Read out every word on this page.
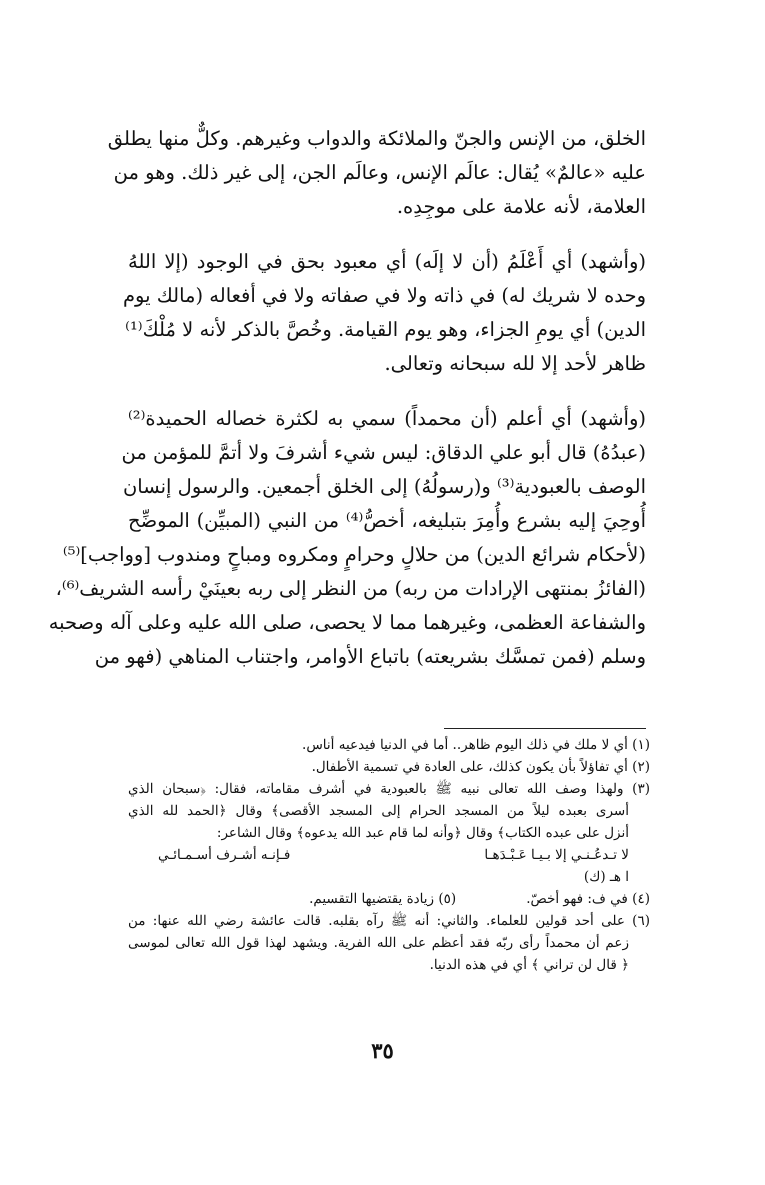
الخلق، من الإنس والجنّ والملائكة والدواب وغيرهم. وكلٌّ منها يطلق
عليه «عالمٌ» يُقال: عالَم الإنس، وعالَم الجن، إلى غير ذلك. وهو من
العلامة، لأنه علامة على موجِدِه.
(وأشهد) أي أَعْلَمُ (أن لا إلَه) أي معبود بحق في الوجود (إلا اللهُ
وحده لا شريك له) في ذاته ولا في صفاته ولا في أفعاله (مالك يوم
الدين) أي يومِ الجزاء، وهو يوم القيامة. وخُصَّ بالذكر لأنه لا مُلْكَ⁽¹⁾
ظاهر لأحد إلا لله سبحانه وتعالى.
(وأشهد) أي أعلم (أن محمداً) سمي به لكثرة خصاله الحميدة⁽²⁾
(عبدُهُ) قال أبو علي الدقاق: ليس شيء أشرفَ ولا أتمَّ للمؤمن من
الوصف بالعبودية⁽³⁾ و(رسولُهُ) إلى الخلق أجمعين. والرسول إنسان
أُوحِيَ إليه بشرع وأُمِرَ بتبليغه، أخصُّ⁽⁴⁾ من النبي (المبيِّن) الموضِّح
(لأحكام شرائع الدين) من حلالٍ وحرامٍ ومكروه ومباحٍ ومندوب [وواجب]⁽⁵⁾
(الفائزُ بمنتهى الإرادات من ربه) من النظر إلى ربه بعينَيْ رأسه الشريف⁽⁶⁾،
والشفاعة العظمى، وغيرهما مما لا يحصى، صلى الله عليه وعلى آله وصحبه
وسلم (فمن تمسَّك بشريعته) باتباع الأوامر، واجتناب المناهي (فهو من
(١) أي لا ملك في ذلك اليوم ظاهر.. أما في الدنيا فيدعيه أناس.
(٢) أي تفاؤلاً بأن يكون كذلك، على العادة في تسمية الأطفال.
(٣) ولهذا وصف الله تعالى نبيه ﷺ بالعبودية في أشرف مقاماته، فقال: ﴿سبحان الذي
أسرى بعبده ليلاً من المسجد الحرام إلى المسجد الأقصى﴾ وقال ﴿الحمد لله الذي
أنزل على عبده الكتاب﴾ وقال ﴿وأنه لما قام عبد الله يدعوه﴾ وقال الشاعر:
لا تـدعُـنـي إلا بـيـا عَـبْـدَهـا
فـإنـه أشـرف أسـمـائـي
ا هـ (ك)
(٤) في ف: فهو أخصّ.
(٥) زيادة يقتضيها التقسيم.
(٦) على أحد قولين للعلماء. والثاني: أنه ﷺ رآه بقلبه. قالت عائشة رضي الله عنها: من
زعم أن محمداً رأى ربّه فقد أعظم على الله الفرية. ويشهد لهذا قول الله تعالى لموسى
﴿ قال لن تراني ﴾ أي في هذه الدنيا.
٣٥
